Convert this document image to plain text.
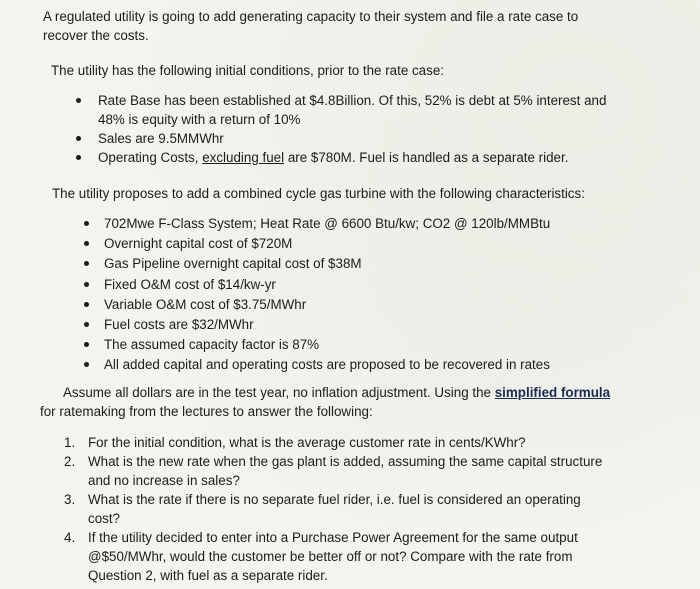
A regulated utility is going to add generating capacity to their system and file a rate case to
recover the costs.
The utility has the following initial conditions, prior to the rate case:
Rate Base has been established at $4.8Billion. Of this, 52% is debt at 5% interest and
48% is equity with a return of 10%
Sales are 9.5MMWhr
Operating Costs, excluding fuel are $780M. Fuel is handled as a separate rider.
The utility proposes to add a combined cycle gas turbine with the following characteristics:
702Mwe F-Class System; Heat Rate @ 6600 Btu/kw; CO2 @ 120lb/MMBtu
Overnight capital cost of $720M
Gas Pipeline overnight capital cost of $38M
Fixed O&M cost of $14/kw-yr
Variable O&M cost of $3.75/MWhr
Fuel costs are $32/MWhr
The assumed capacity factor is 87%
All added capital and operating costs are proposed to be recovered in rates
Assume all dollars are in the test year, no inflation adjustment. Using the simplified formula
for ratemaking from the lectures to answer the following:
1. For the initial condition, what is the average customer rate in cents/KWhr?
2. What is the new rate when the gas plant is added, assuming the same capital structure
and no increase in sales?
3. What is the rate if there is no separate fuel rider, i.e. fuel is considered an operating
cost?
4. If the utility decided to enter into a Purchase Power Agreement for the same output
@$50/MWhr, would the customer be better off or not? Compare with the rate from
Question 2, with fuel as a separate rider.
